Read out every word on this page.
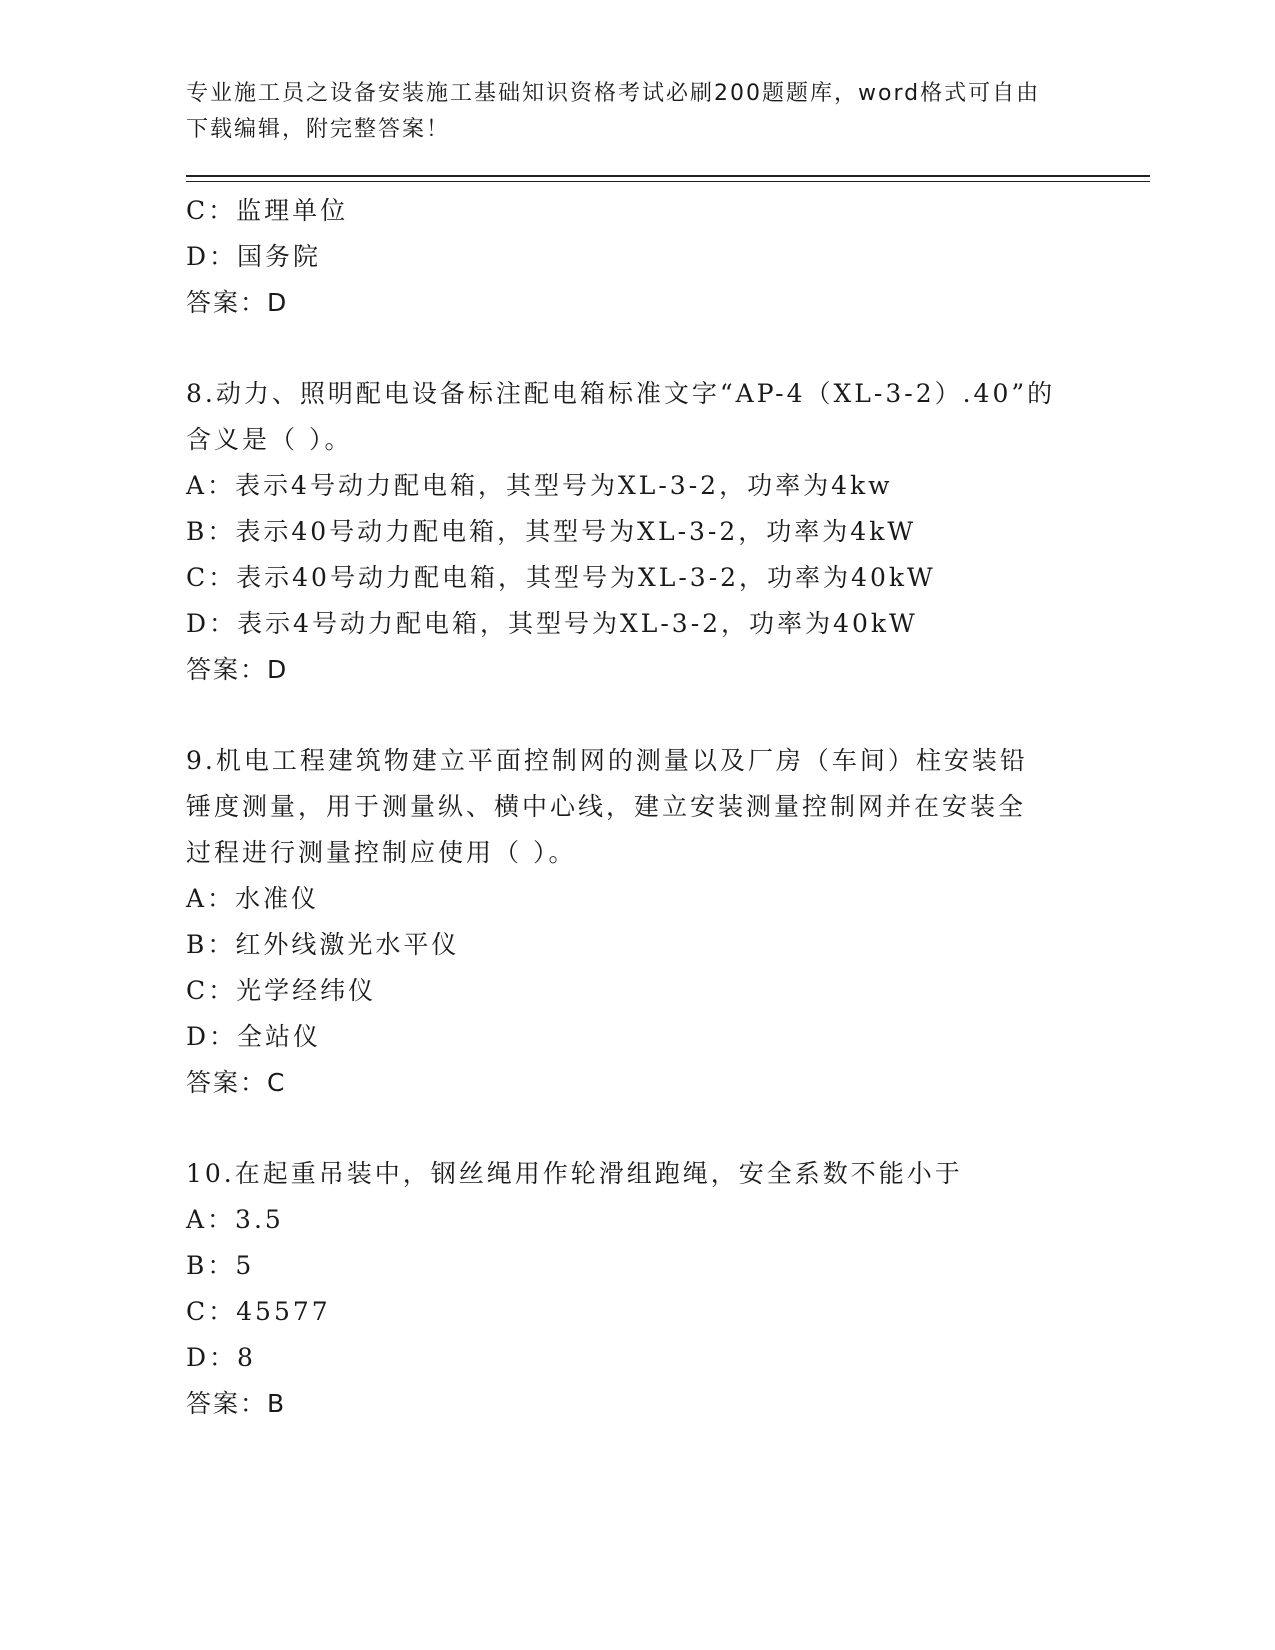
专业施工员之设备安装施工基础知识资格考试必刷200题题库，word格式可自由
下载编辑，附完整答案！
C：监理单位
D：国务院
答案：D
8.动力、照明配电设备标注配电箱标准文字“AP-4（XL-3-2）.40”的
含义是（ ）。
A：表示4号动力配电箱，其型号为XL-3-2，功率为4kw
B：表示40号动力配电箱，其型号为XL-3-2，功率为4kW
C：表示40号动力配电箱，其型号为XL-3-2，功率为40kW
D：表示4号动力配电箱，其型号为XL-3-2，功率为40kW
答案：D
9.机电工程建筑物建立平面控制网的测量以及厂房（车间）柱安装铅
锤度测量，用于测量纵、横中心线，建立安装测量控制网并在安装全
过程进行测量控制应使用（ ）。
A：水准仪
B：红外线激光水平仪
C：光学经纬仪
D：全站仪
答案：C
10.在起重吊装中，钢丝绳用作轮滑组跑绳，安全系数不能小于
A：3.5
B：5
C：45577
D：8
答案：B
